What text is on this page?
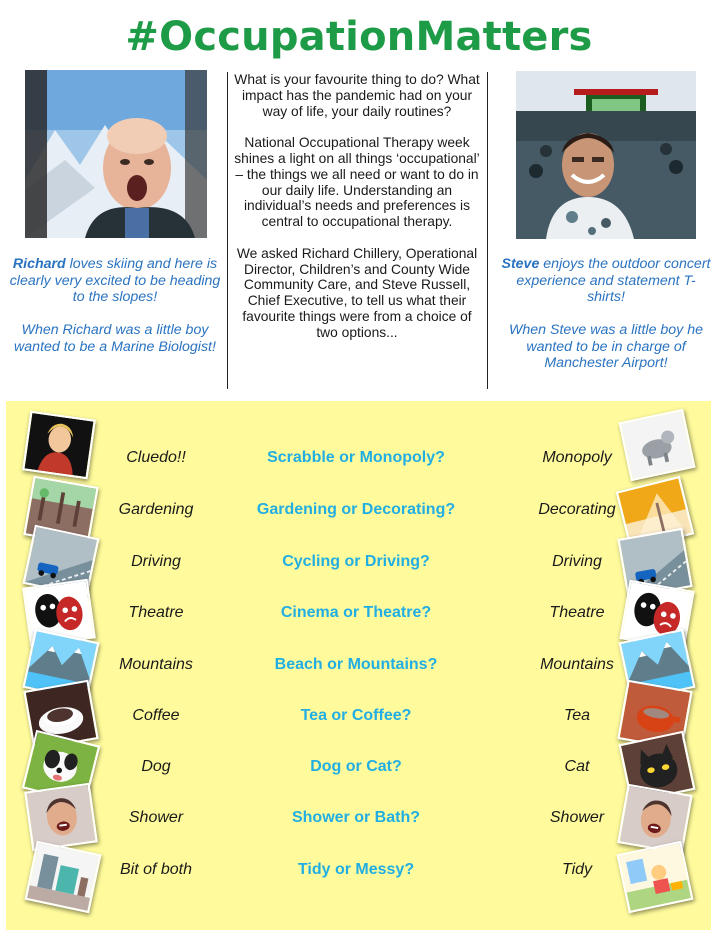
#OccupationMatters

Richard loves skiing and here is clearly very excited to be heading to the slopes!

When Richard was a little boy wanted to be a Marine Biologist!

Steve enjoys the outdoor concert experience and statement T-shirts!

When Steve was a little boy he wanted to be in charge of Manchester Airport!

What is your favourite thing to do? What impact has the pandemic had on your way of life, your daily routines?

National Occupational Therapy week shines a light on all things ‘occupational’ – the things we all need or want to do in our daily life. Understanding an individual’s needs and preferences is central to occupational therapy.

We asked Richard Chillery, Operational Director, Children’s and County Wide Community Care, and Steve Russell, Chief Executive, to tell us what their favourite things were from a choice of two options...

Cluedo!!	Scrabble or Monopoly?	Monopoly
Gardening	Gardening or Decorating?	Decorating
Driving	Cycling or Driving?	Driving
Theatre	Cinema or Theatre?	Theatre
Mountains	Beach or Mountains?	Mountains
Coffee	Tea or Coffee?	Tea
Dog	Dog or Cat?	Cat
Shower	Shower or Bath?	Shower
Bit of both	Tidy or Messy?	Tidy
